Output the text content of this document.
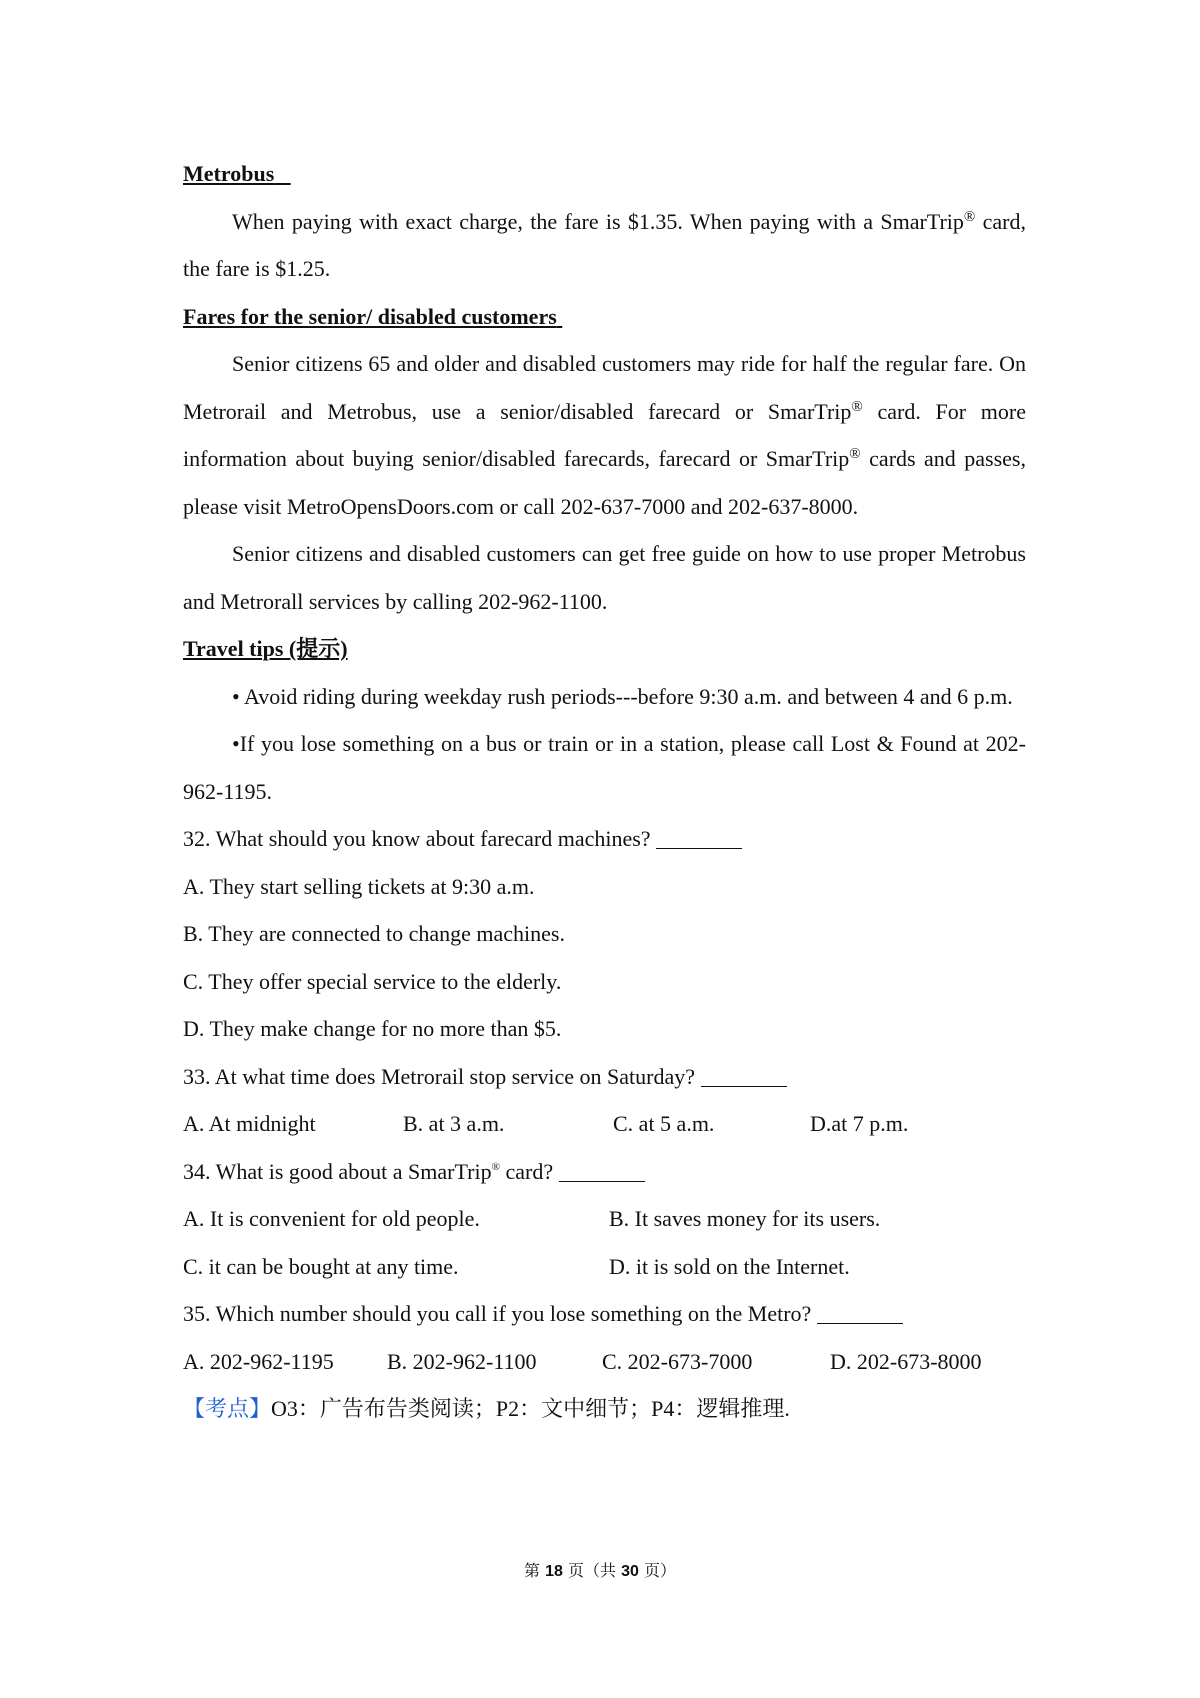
Metrobus

When paying with exact charge, the fare is $1.35. When paying with a SmarTrip® card, the fare is $1.25.

Fares for the senior/ disabled customers

Senior citizens 65 and older and disabled customers may ride for half the regular fare. On Metrorail and Metrobus, use a senior/disabled farecard or SmarTrip® card. For more information about buying senior/disabled farecards, farecard or SmarTrip® cards and passes, please visit MetroOpensDoors.com or call 202-637-7000 and 202-637-8000.

Senior citizens and disabled customers can get free guide on how to use proper Metrobus and Metrorall services by calling 202-962-1100.

Travel tips (提示)

• Avoid riding during weekday rush periods---before 9:30 a.m. and between 4 and 6 p.m.

•If you lose something on a bus or train or in a station, please call Lost & Found at 202-962-1195.

32. What should you know about farecard machines?

A. They start selling tickets at 9:30 a.m.

B. They are connected to change machines.

C. They offer special service to the elderly.

D. They make change for no more than $5.

33. At what time does Metrorail stop service on Saturday?

A. At midnight	B. at 3 a.m.	C. at 5 a.m.	D.at 7 p.m.

34. What is good about a SmarTrip® card?

A. It is convenient for old people.	B. It saves money for its users.
C. it can be bought at any time.	D. it is sold on the Internet.

35. Which number should you call if you lose something on the Metro?

A. 202-962-1195 B. 202-962-1100	C. 202-673-7000	D. 202-673-8000

【考点】O3：广告布告类阅读；P2：文中细节；P4：逻辑推理.

第 18 页（共 30 页）
